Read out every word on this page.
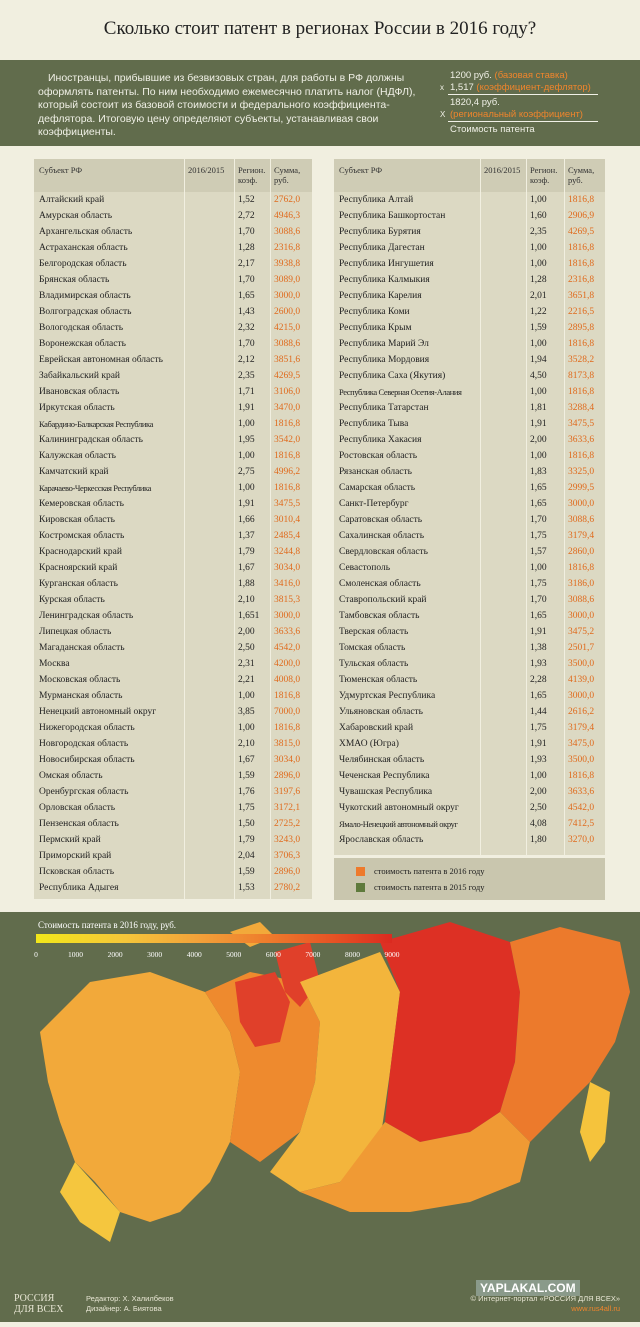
Сколько стоит патент в регионах России в 2016 году?
Иностранцы, прибывшие из безвизовых стран, для работы в РФ должны оформлять патенты. По ним необходимо ежемесячно платить налог (НДФЛ), который состоит из базовой стоимости и федерального коэффициента- дефлятора. Итоговую цену определяют субъекты, устанавливая свои коэффициенты.
1200 руб.
(базовая ставка)
x 1,517
(коэффициент-дефлятор)
1820,4 руб.
X (региональный коэффициент)
Стоимость патента
Субъект РФ	2016/2015 Регион. коэф.
Сумма, руб.
Алтайский край	1,52 2762,0
Амурская область	2,72 4946,3
Архангельская область	1,70 3088,6
Астраханская область	1,28 2316,8
Белгородская область	2,17 3938,8
Брянская область	1,70 3089,0
Владимирская область	1,65 3000,0
Волгоградская область	1,43 2600,0
Вологодская область	2,32 4215,0
Воронежская область	1,70 3088,6
Еврейская автономная область	2,12 3851,6
Забайкальский край	2,35 4269,5
Ивановская область	1,71 3106,0
Иркутская область	1,91 3470,0
Кабардино-Балкарская Республика	1,00 1816,8
Калининградская область	1,95 3542,0
Калужская область	1,00 1816,8
Камчатский край	2,75 4996,2
Карачаево-Черкесская Республика	1,00 1816,8
Кемеровская область	1,91 3475,5
Кировская область	1,66 3010,4
Костромская область	1,37 2485,4
Краснодарский край	1,79 3244,8
Красноярский край	1,67 3034,0
Курганская область	1,88 3416,0
Курская область	2,10 3815,3
Ленинградская область	1,651 3000,0
Липецкая область	2,00 3633,6
Магаданская область	2,50 4542,0
Москва	2,31 4200,0
Московская область	2,21 4008,0
Мурманская область	1,00 1816,8
Ненецкий автономный округ	3,85 7000,0
Нижегородская область	1,00 1816,8
Новгородская область	2,10 3815,0
Новосибирская область	1,67 3034,0
Омская область	1,59 2896,0
Оренбургская область	1,76 3197,6
Орловская область	1,75 3172,1
Пензенская область	1,50 2725,2
Пермский край	1,79 3243,0
Приморский край	2,04 3706,3
Псковская область	1,59 2896,0
Республика Адыгея	1,53 2780,2
Субъект РФ	2016/2015 Регион. коэф.
Сумма, руб.
Республика Алтай	1,00 1816,8
Республика Башкортостан	1,60 2906,9
Республика Бурятия	2,35 4269,5
Республика Дагестан	1,00 1816,8
Республика Ингушетия	1,00 1816,8
Республика Калмыкия	1,28 2316,8
Республика Карелия	2,01 3651,8
Республика Коми	1,22 2216,5
Республика Крым	1,59 2895,8
Республика Марий Эл	1,00 1816,8
Республика Мордовия	1,94 3528,2
Республика Саха (Якутия)	4,50 8173,8
Республика Северная Осетия-Алания	1,00 1816,8
Республика Татарстан	1,81 3288,4
Республика Тыва	1,91 3475,5
Республика Хакасия	2,00 3633,6
Ростовская область	1,00 1816,8
Рязанская область	1,83 3325,0
Самарская область	1,65 2999,5
Санкт-Петербург	1,65 3000,0
Саратовская область	1,70 3088,6
Сахалинская область	1,75 3179,4
Свердловская область	1,57 2860,0
Севастополь	1,00 1816,8
Смоленская область	1,75 3186,0
Ставропольский край	1,70 3088,6
Тамбовская область	1,65 3000,0
Тверская область	1,91 3475,2
Томская область	1,38 2501,7
Тульская область	1,93 3500,0
Тюменская область	2,28 4139,0
Удмуртская Республика	1,65 3000,0
Ульяновская область	1,44 2616,2
Хабаровский край	1,75 3179,4
ХМАО (Югра)	1,91 3475,0
Челябинская область	1,93 3500,0
Чеченская Республика	1,00 1816,8
Чувашская Республика	2,00 3633,6
Чукотский автономный округ	2,50 4542,0
Ямало-Ненецкий автономный округ	4,08 7412,5
Ярославская область	1,80 3270,0
стоимость патента в 2016 году
стоимость патента в 2015 году
Стоимость патента в 2016 году, руб.
0	1000	2000	3000	4000	5000	6000	7000	8000	9000
РОССИЯ
ДЛЯ ВСЕХ
Редактор: Х. Халилбеков
Дизайнер: А. Биятова
YAPLAKAL.COM
© Интернет-портал «РОССИЯ ДЛЯ ВСЕХ»
www.rus4all.ru
